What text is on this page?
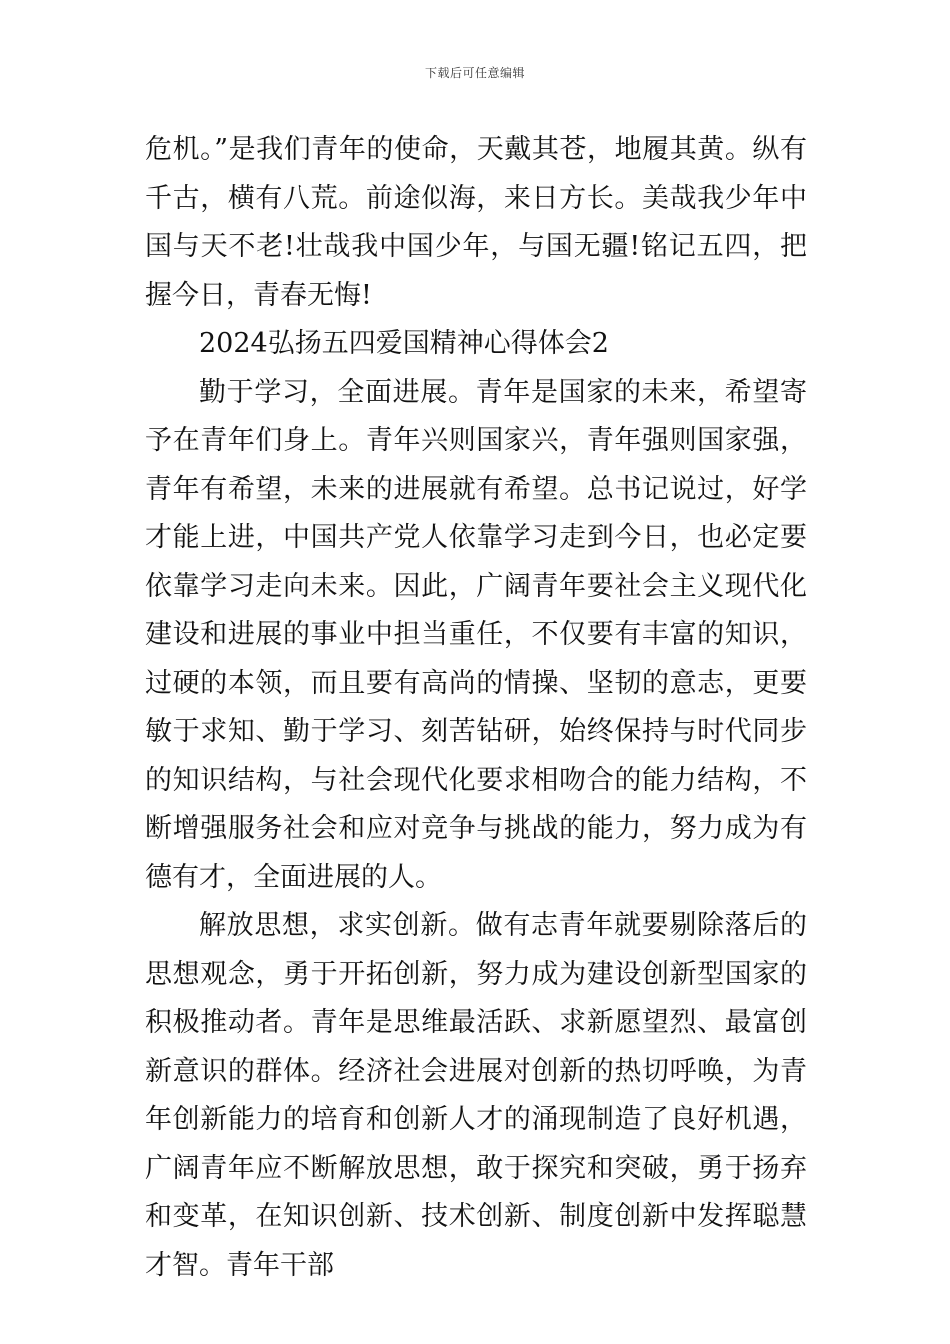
下载后可任意编辑

危机。”是我们青年的使命，天戴其苍，地履其黄。纵有千古，横有八荒。前途似海，来日方长。美哉我少年中国与天不老!壮哉我中国少年，与国无疆!铭记五四，把握今日，青春无悔!

2024弘扬五四爱国精神心得体会2

勤于学习，全面进展。青年是国家的未来，希望寄予在青年们身上。青年兴则国家兴，青年强则国家强，青年有希望，未来的进展就有希望。总书记说过，好学才能上进，中国共产党人依靠学习走到今日，也必定要依靠学习走向未来。因此，广阔青年要社会主义现代化建设和进展的事业中担当重任，不仅要有丰富的知识，过硬的本领，而且要有高尚的情操、坚韧的意志，更要敏于求知、勤于学习、刻苦钻研，始终保持与时代同步的知识结构，与社会现代化要求相吻合的能力结构，不断增强服务社会和应对竞争与挑战的能力，努力成为有德有才，全面进展的人。

解放思想，求实创新。做有志青年就要剔除落后的思想观念，勇于开拓创新，努力成为建设创新型国家的积极推动者。青年是思维最活跃、求新愿望烈、最富创新意识的群体。经济社会进展对创新的热切呼唤，为青年创新能力的培育和创新人才的涌现制造了良好机遇，广阔青年应不断解放思想，敢于探究和突破，勇于扬弃和变革，在知识创新、技术创新、制度创新中发挥聪慧才智。青年干部
